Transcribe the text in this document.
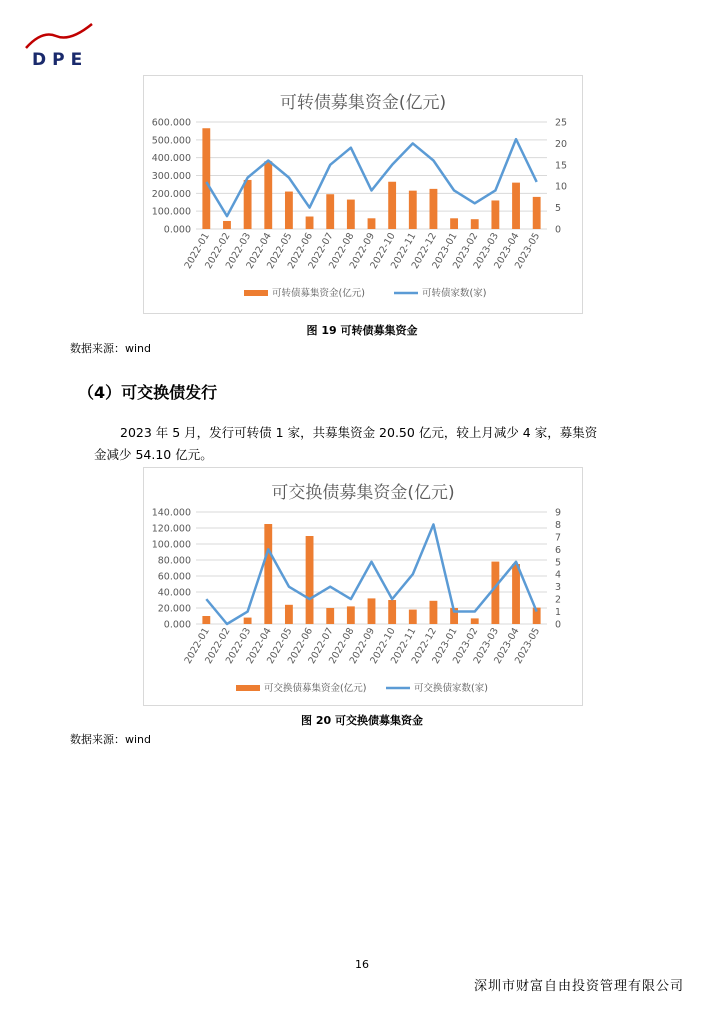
DPE
可转债募集资金(亿元)
0.000
100.000
200.000
300.000
400.000
500.000
600.000
0
5
10
15
20
25
2022-01
2022-02
2022-03
2022-04
2022-05
2022-06
2022-07
2022-08
2022-09
2022-10
2022-11
2022-12
2023-01
2023-02
2023-03
2023-04
2023-05
可转债募集资金(亿元)	可转债家数(家)
图 19 可转债募集资金
数据来源：wind
（4）可交换债发行
2023 年 5 月，发行可转债 1 家，共募集资金 20.50 亿元，较上月减少 4 家，募集资
金减少 54.10 亿元。
可交换债募集资金(亿元)
0.000
20.000
40.000
60.000
80.000
100.000
120.000
140.000
0
1
2
3
4
5
6
7
8
9
2022-01
2022-02
2022-03
2022-04
2022-05
2022-06
2022-07
2022-08
2022-09
2022-10
2022-11
2022-12
2023-01
2023-02
2023-03
2023-04
2023-05
可交换债募集资金(亿元)	可交换债家数(家)
图 20 可交换债募集资金
数据来源：wind
16
深圳市财富自由投资管理有限公司
